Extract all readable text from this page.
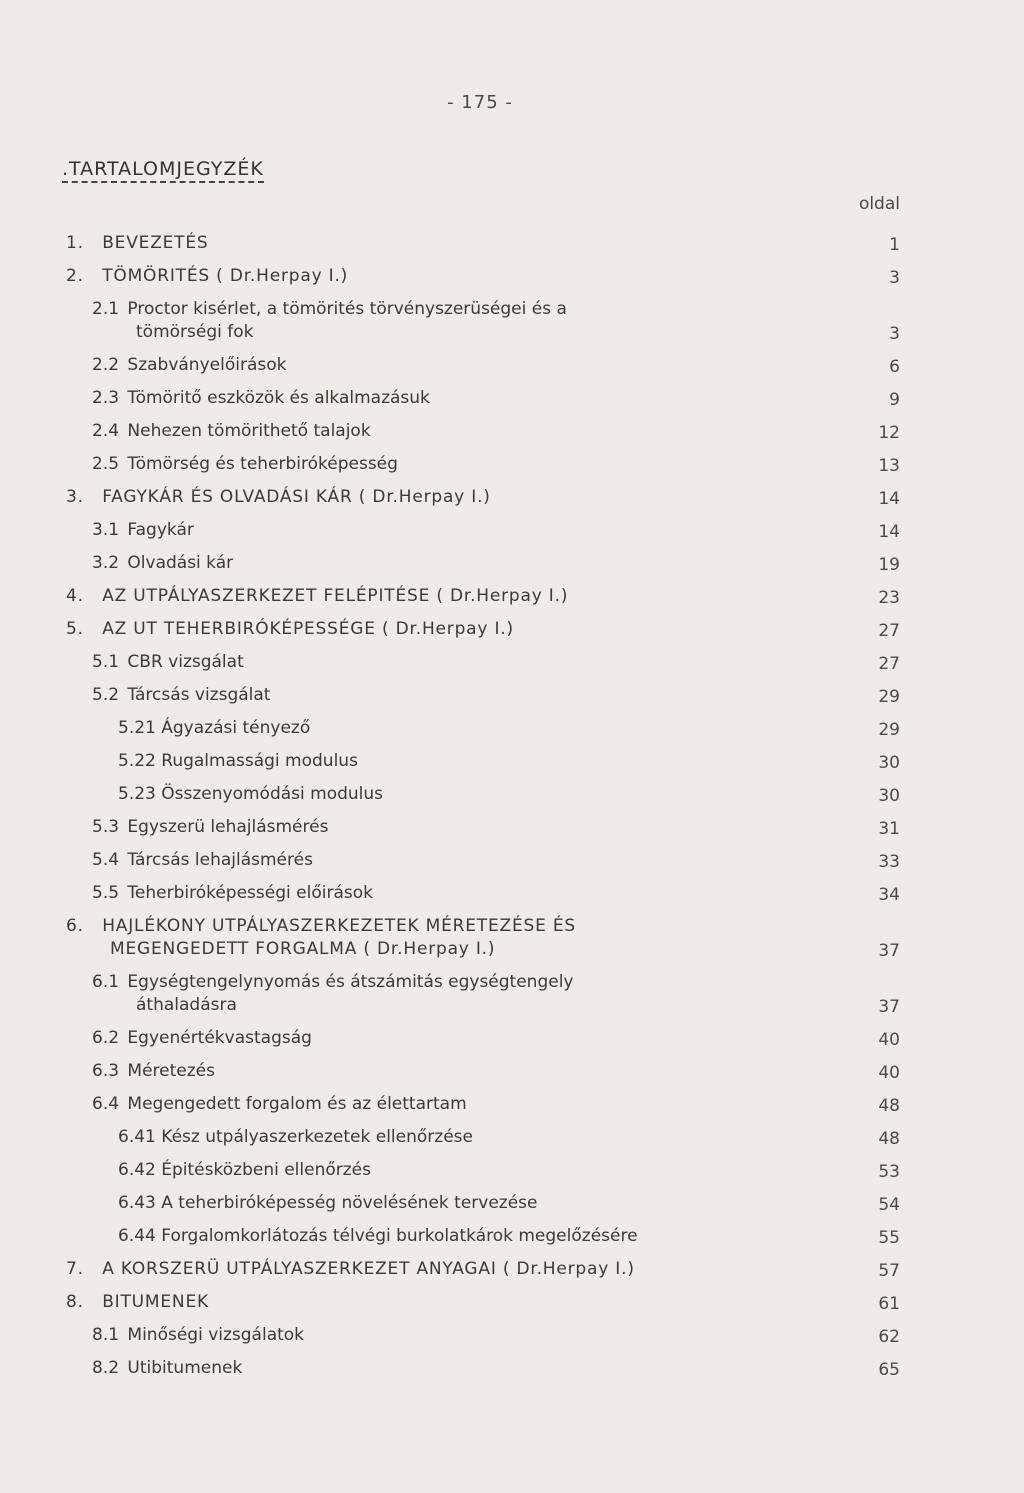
- 175 -
.TARTALOMJEGYZÉK
oldal
1. BEVEZETÉS	1
2. TÖMÖRITÉS ( Dr.Herpay I.)	3
2.1 Proctor kisérlet, a tömörités törvényszerüségei és a
tömörségi fok	3
2.2 Szabványelőirások	6
2.3 Tömöritő eszközök és alkalmazásuk	9
2.4 Nehezen tömörithető talajok	12
2.5 Tömörség és teherbiróképesség	13
3. FAGYKÁR ÉS OLVADÁSI KÁR ( Dr.Herpay I.)	14
3.1 Fagykár	14
3.2 Olvadási kár	19
4. AZ UTPÁLYASZERKEZET FELÉPITÉSE ( Dr.Herpay I.)	23
5. AZ UT TEHERBIRÓKÉPESSÉGE ( Dr.Herpay I.)	27
5.1 CBR vizsgálat	27
5.2 Tárcsás vizsgálat	29
5.21 Ágyazási tényező	29
5.22 Rugalmassági modulus	30
5.23 Összenyomódási modulus	30
5.3 Egyszerü lehajlásmérés	31
5.4 Tárcsás lehajlásmérés	33
5.5 Teherbiróképességi előirások	34
6. HAJLÉKONY UTPÁLYASZERKEZETEK MÉRETEZÉSE ÉS
MEGENGEDETT FORGALMA ( Dr.Herpay I.)	37
6.1 Egységtengelynyomás és átszámitás egységtengely
áthaladásra	37
6.2 Egyenértékvastagság	40
6.3 Méretezés	40
6.4 Megengedett forgalom és az élettartam	48
6.41 Kész utpályaszerkezetek ellenőrzése	48
6.42 Épitésközbeni ellenőrzés	53
6.43 A teherbiróképesség növelésének tervezése	54
6.44 Forgalomkorlátozás télvégi burkolatkárok megelőzésére	55
7. A KORSZERÜ UTPÁLYASZERKEZET ANYAGAI ( Dr.Herpay I.)	57
8. BITUMENEK	61
8.1 Minőségi vizsgálatok	62
8.2 Utibitumenek	65
